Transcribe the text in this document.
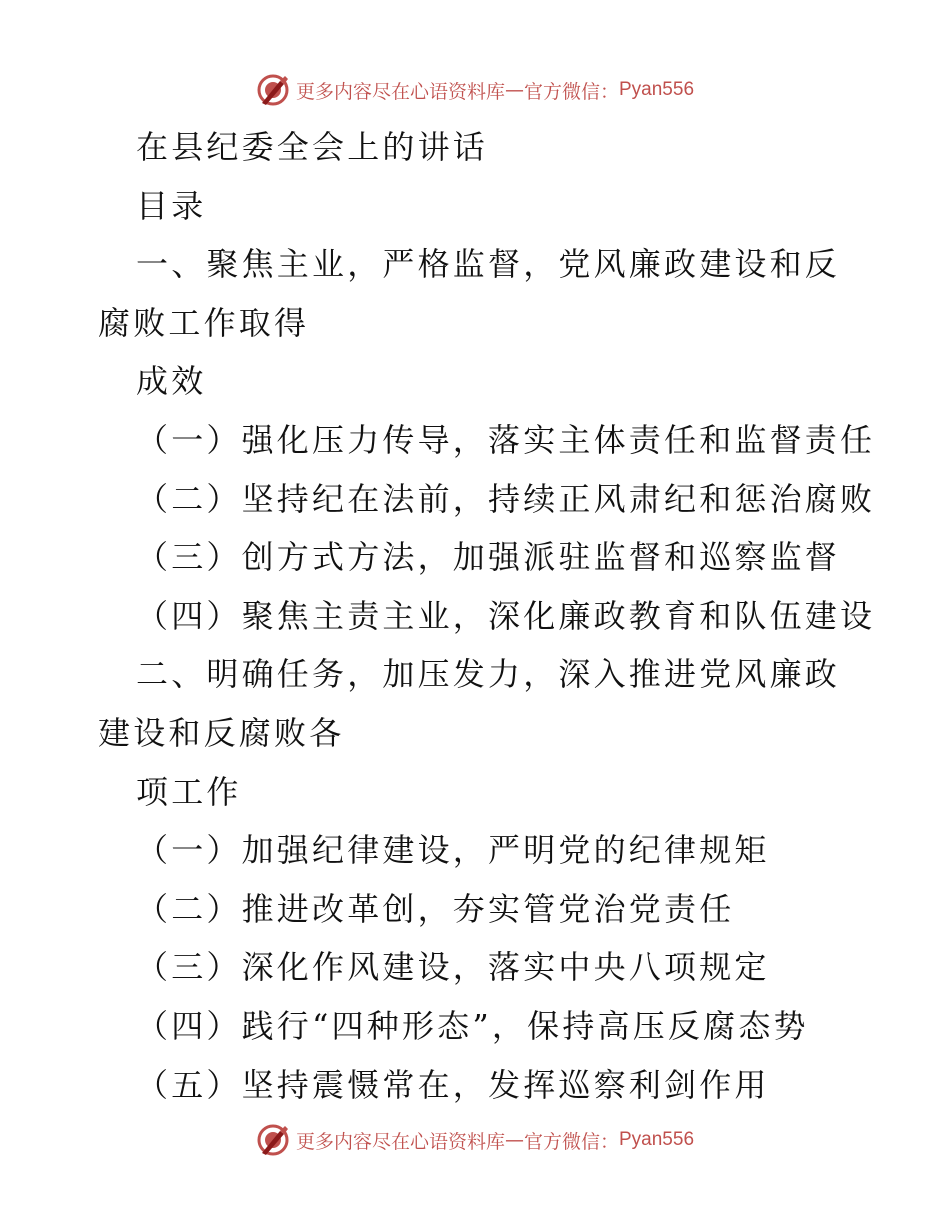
更多内容尽在心语资料库 — 官方微信： Pyan556
在县纪委全会上的讲话
目录
一、聚焦主业，严格监督，党风廉政建设和反腐败工作取得
成效
（一）强化压力传导，落实主体责任和监督责任
（二）坚持纪在法前，持续正风肃纪和惩治腐败
（三）创方式方法，加强派驻监督和巡察监督
（四）聚焦主责主业，深化廉政教育和队伍建设
二、明确任务，加压发力，深入推进党风廉政建设和反腐败各
项工作
（一）加强纪律建设，严明党的纪律规矩
（二）推进改革创，夯实管党治党责任
（三）深化作风建设，落实中央八项规定
（四）践行“四种形态”，保持高压反腐态势
（五）坚持震慑常在，发挥巡察利剑作用
更多内容尽在心语资料库 — 官方微信： Pyan556
